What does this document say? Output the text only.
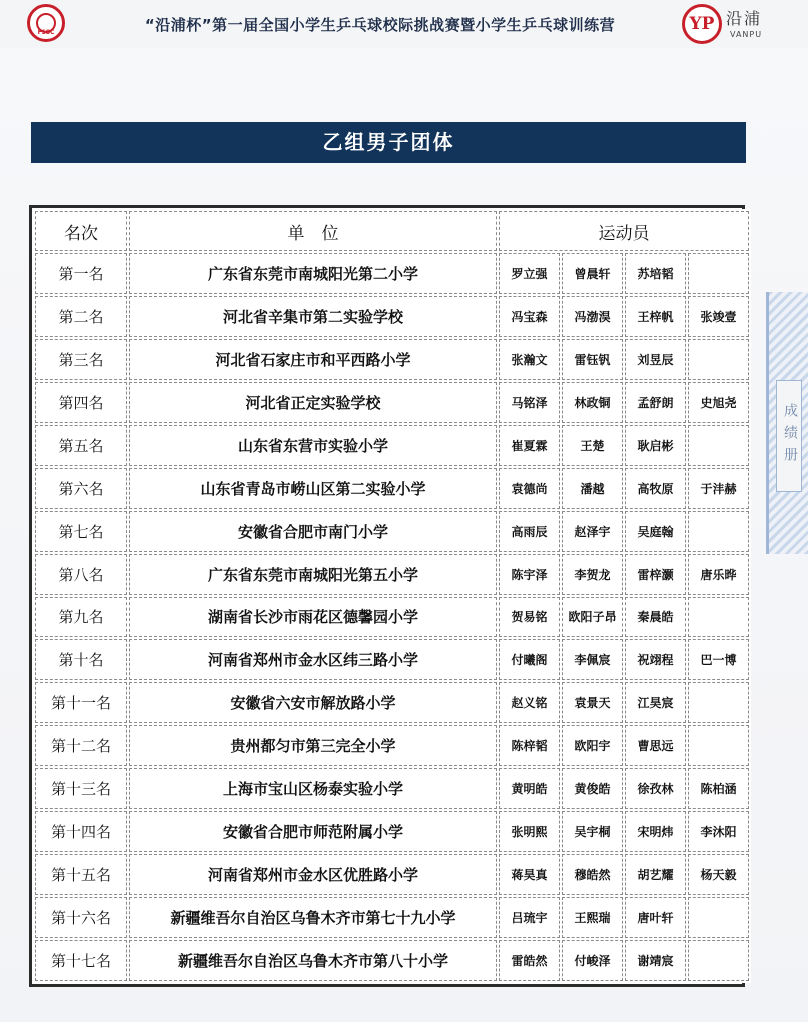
FSSC	“沿浦杯”第一届全国小学生乒乓球校际挑战赛暨小学生乒乓球训练营	YP 沿浦
VANPU
乙组男子团体
成绩册
名次	单　位	运动员			
第一名	广东省东莞市南城阳光第二小学	罗立强	曾晨轩	苏培韬	
第二名	河北省辛集市第二实验学校	冯宝森	冯渤淏	王梓帆	张竣壹
第三名	河北省石家庄市和平西路小学	张瀚文	雷钰钒	刘昱辰	
第四名	河北省正定实验学校	马铭泽	林政铜	孟舒朗	史旭尧
第五名	山东省东营市实验小学	崔夏霖	王楚	耿启彬	
第六名	山东省青岛市崂山区第二实验小学	袁德尚	潘越	高牧原	于沣赫
第七名	安徽省合肥市南门小学	高雨辰	赵泽宇	吴庭翰	
第八名	广东省东莞市南城阳光第五小学	陈宇泽	李贺龙	雷梓灏	唐乐晔
第九名	湖南省长沙市雨花区德馨园小学	贺易铭	欧阳子昂	秦晨皓	
第十名	河南省郑州市金水区纬三路小学	付曦阁	李佩宸	祝翊程	巴一博
第十一名	安徽省六安市解放路小学	赵义铭	袁景天	江昊宸	
第十二名	贵州都匀市第三完全小学	陈梓韬	欧阳宇	曹思远	
第十三名	上海市宝山区杨泰实验小学	黄明皓	黄俊皓	徐孜林	陈柏涵
第十四名	安徽省合肥市师范附属小学	张明熙	吴宇桐	宋明炜	李沐阳
第十五名	河南省郑州市金水区优胜路小学	蒋昊真	穆皓然	胡艺耀	杨天毅
第十六名	新疆维吾尔自治区乌鲁木齐市第七十九小学	吕琉宇	王熙瑞	唐叶轩	
第十七名	新疆维吾尔自治区乌鲁木齐市第八十小学	雷皓然	付峻泽	谢靖宸	
